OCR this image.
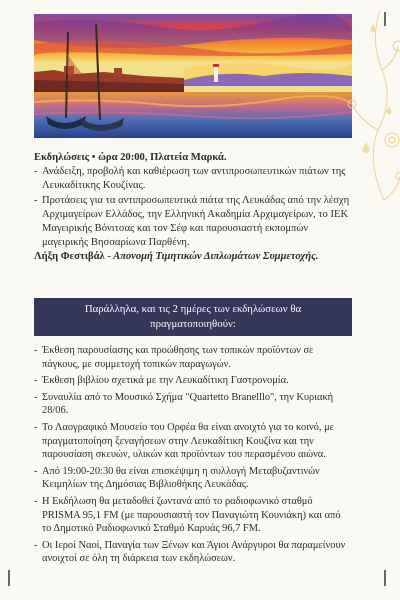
Εκδηλώσεις • ώρα 20:00, Πλατεία Μαρκά.
- Ανάδειξη, προβολή και καθιέρωση των αντιπροσωπευτικών πιάτων της Λευκαδίτικης Κουζίνας.
- Προτάσεις για τα αντιπροσωπευτικά πιάτα της Λευκάδας από την λέσχη Αρχιμαγείρων Ελλάδος, την Ελληνική Ακαδημία Αρχιμαγείρων, το ΙΕΚ Μαγειρικής Βόνιτσας και τον Σέφ και παρουσιαστή εκπομπών μαγειρικής Βησσαρίωνα Παρθένη.
Λήξη Φεστιβάλ - Απονομή Τιμητικών Διπλωμάτων Συμμετοχής.
Παράλληλα, και τις 2 ημέρες των εκδηλώσεων θα
πραγματοποιηθούν:
- Έκθεση παρουσίασης και προώθησης των τοπικών προϊόντων σε πάγκους, με συμμετοχή τοπικών παραγωγών.
- Έκθεση βιβλίου σχετικά με την Λευκαδίτικη Γαστρονομία.
- Συναυλία από το Μουσικό Σχήμα "Quartetto Branelllo", την Κυριακή 28/06.
- Το Λαογραφικό Μουσείο του Ορφέα θα είναι ανοιχτό για το κοινό, με πραγματοποίηση ξεναγήσεων στην Λευκαδίτικη Κουζίνα και την παρουσίαση σκευών, υλικών και προϊόντων του περασμένου αιώνα.
- Από 19:00-20:30 θα είναι επισκέψιμη η συλλογή Μεταβυζαντινών Κειμηλίων της Δημόσιας Βιβλιοθήκης Λευκάδας.
- Η Εκδήλωση θα μεταδοθεί ζωντανά από το ραδιοφωνικό σταθμό PRISMA 95,1 FM (με παρουσιαστή τον Παναγιώτη Κουνιάκη) και από το Δημοτικό Ραδιοφωνικό Σταθμό Καρυάς 96,7 FM.
- Οι Ιεροί Ναοί, Παναγία των Ξένων και Άγιοι Ανάργυροι θα παραμείνουν ανοιχτοί σε όλη τη διάρκεια των εκδηλώσεων.
